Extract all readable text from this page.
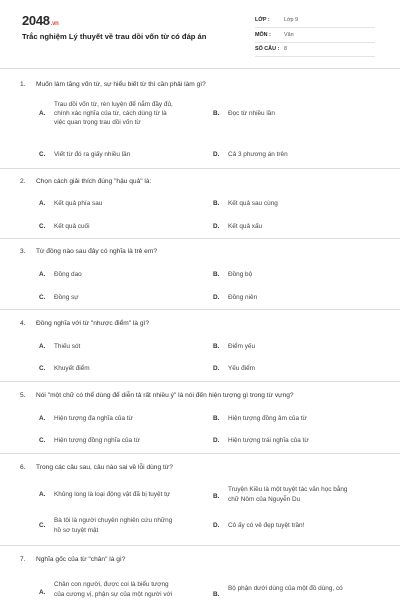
2048.vn
Trắc nghiệm Lý thuyết về trau dồi vốn từ có đáp án
LỚP :	Lớp 9
MÔN : Văn
SỐ CÂU : 8
1. Muốn làm tăng vốn từ, sự hiểu biết từ thì cần phải làm gì?
A.
Trau dồi vốn từ, rèn luyện để nắm đầy đủ,
chính xác nghĩa của từ, cách dùng từ là
việc quan trọng trau dồi vốn từ
B. Đọc từ nhiều lần
C. Viết từ đó ra giấy nhiều lần	D. Cả 3 phương án trên
2. Chọn cách giải thích đúng "hậu quả" là:
A. Kết quả phía sau	B. Kết quả sau cùng
C. Kết quả cuối	D. Kết quả xấu
3. Từ đồng nào sau đây có nghĩa là trẻ em?
A. Đồng dao	B. Đồng bộ
C. Đồng sự	D. Đồng niên
4. Đồng nghĩa với từ "nhược điểm" là gì?
A. Thiếu sót	B. Điểm yếu
C. Khuyết điểm	D. Yếu điểm
5. Nói "một chữ có thể dùng để diễn tả rất nhiều ý" là nói đến hiện tượng gì trong từ vựng?
A. Hiện tượng đa nghĩa của từ	B. Hiện tượng đồng âm của từ
C. Hiện tượng đồng nghĩa của từ	D. Hiện tượng trái nghĩa của từ
6. Trong các câu sau, câu nào sai về lỗi dùng từ?
A. Khủng long là loại động vật đã bị tuyệt tự	B.
Truyện Kiều là một tuyệt tác văn học bằng
chữ Nôm của Nguyễn Du
C.
Bà tôi là người chuyên nghiên cứu những
hồ sơ tuyệt mật
D. Cô ấy có vẻ đẹp tuyệt trần!
7. Nghĩa gốc của từ "chân" là gì?
A.
Chân con người, được coi là biểu tượng
của cương vị, phận sự của một người với	B.
Bộ phận dưới dùng của một đồ dùng, có
